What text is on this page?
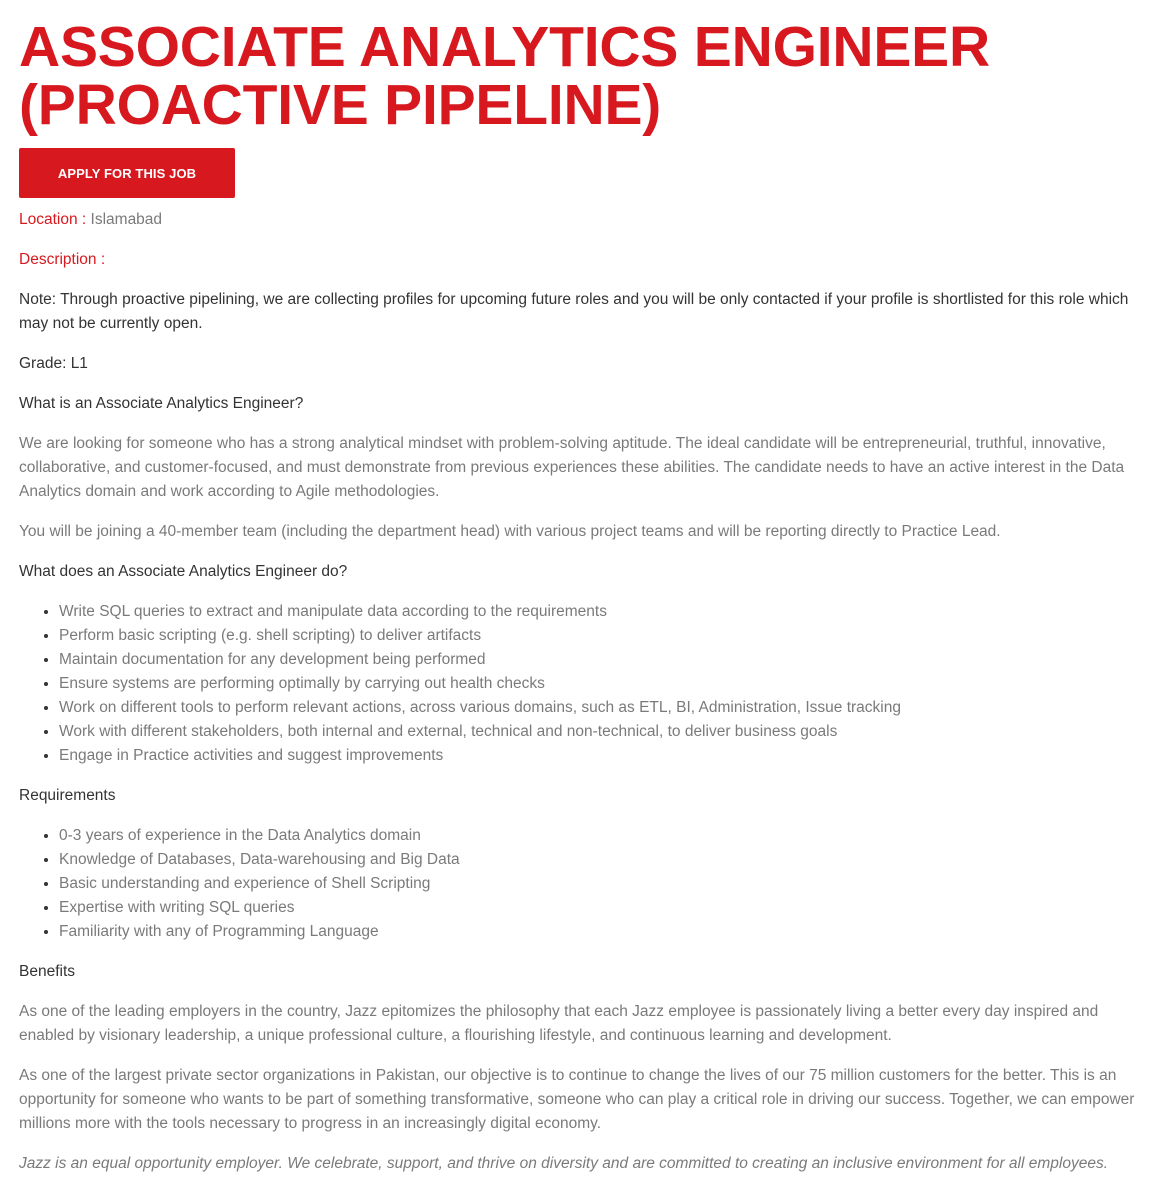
ASSOCIATE ANALYTICS ENGINEER
(PROACTIVE PIPELINE)
APPLY FOR THIS JOB
Location : Islamabad
Description :

Note: Through proactive pipelining, we are collecting profiles for upcoming future roles and you will be only contacted if your profile is shortlisted for this role which may not be currently open.

Grade: L1

What is an Associate Analytics Engineer?

We are looking for someone who has a strong analytical mindset with problem-solving aptitude. The ideal candidate will be entrepreneurial, truthful, innovative, collaborative, and customer-focused, and must demonstrate from previous experiences these abilities. The candidate needs to have an active interest in the Data Analytics domain and work according to Agile methodologies.

You will be joining a 40-member team (including the department head) with various project teams and will be reporting directly to Practice Lead.

What does an Associate Analytics Engineer do?

• Write SQL queries to extract and manipulate data according to the requirements
• Perform basic scripting (e.g. shell scripting) to deliver artifacts
• Maintain documentation for any development being performed
• Ensure systems are performing optimally by carrying out health checks
• Work on different tools to perform relevant actions, across various domains, such as ETL, BI, Administration, Issue tracking
• Work with different stakeholders, both internal and external, technical and non-technical, to deliver business goals
• Engage in Practice activities and suggest improvements

Requirements

• 0-3 years of experience in the Data Analytics domain
• Knowledge of Databases, Data-warehousing and Big Data
• Basic understanding and experience of Shell Scripting
• Expertise with writing SQL queries
• Familiarity with any of Programming Language

Benefits

As one of the leading employers in the country, Jazz epitomizes the philosophy that each Jazz employee is passionately living a better every day inspired and enabled by visionary leadership, a unique professional culture, a flourishing lifestyle, and continuous learning and development.

As one of the largest private sector organizations in Pakistan, our objective is to continue to change the lives of our 75 million customers for the better. This is an opportunity for someone who wants to be part of something transformative, someone who can play a critical role in driving our success. Together, we can empower millions more with the tools necessary to progress in an increasingly digital economy.

Jazz is an equal opportunity employer. We celebrate, support, and thrive on diversity and are committed to creating an inclusive environment for all employees.
